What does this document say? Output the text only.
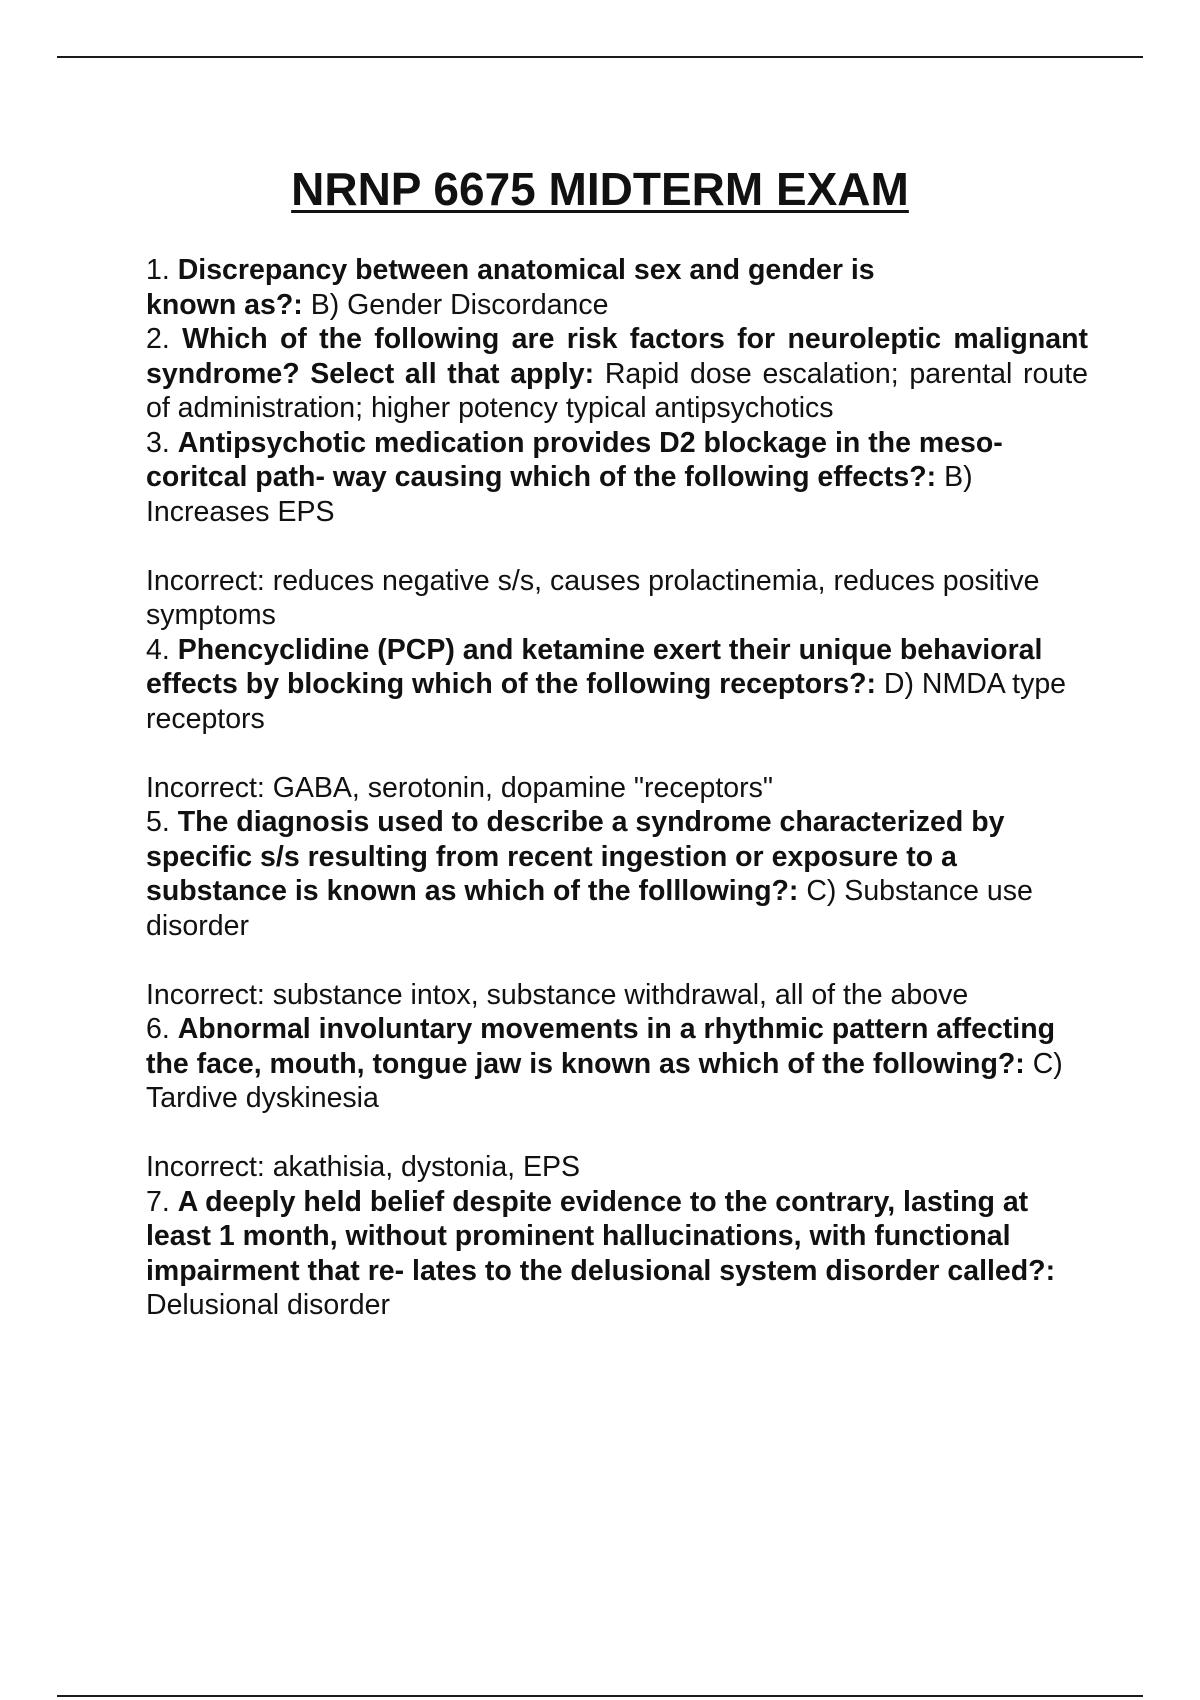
NRNP 6675 MIDTERM EXAM

1. Discrepancy between anatomical sex and gender is known as?: B) Gender Discordance

2. Which of the following are risk factors for neuroleptic malignant syndrome? Select all that apply: Rapid dose escalation; parental route of administration; higher potency typical antipsychotics

3. Antipsychotic medication provides D2 blockage in the meso-coritcal path- way causing which of the following effects?: B) Increases EPS

Incorrect: reduces negative s/s, causes prolactinemia, reduces positive symptoms

4. Phencyclidine (PCP) and ketamine exert their unique behavioral effects by blocking which of the following receptors?: D) NMDA type receptors

Incorrect: GABA, serotonin, dopamine "receptors"

5. The diagnosis used to describe a syndrome characterized by specific s/s resulting from recent ingestion or exposure to a substance is known as which of the folllowing?: C) Substance use disorder

Incorrect: substance intox, substance withdrawal, all of the above

6. Abnormal involuntary movements in a rhythmic pattern affecting the face, mouth, tongue jaw is known as which of the following?: C) Tardive dyskinesia

Incorrect: akathisia, dystonia, EPS

7. A deeply held belief despite evidence to the contrary, lasting at least 1 month, without prominent hallucinations, with functional impairment that re- lates to the delusional system disorder called?: Delusional disorder
